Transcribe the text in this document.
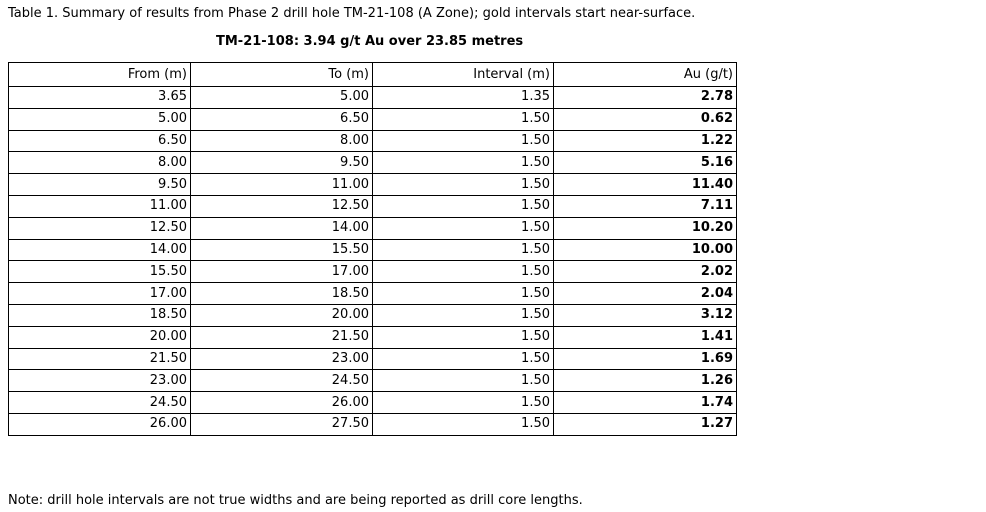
Table 1. Summary of results from Phase 2 drill hole TM-21-108 (A Zone); gold intervals start near-surface.
TM-21-108: 3.94 g/t Au over 23.85 metres
From (m)	To (m)	Interval (m)	Au (g/t)
3.65	5.00	1.35	2.78
5.00	6.50	1.50	0.62
6.50	8.00	1.50	1.22
8.00	9.50	1.50	5.16
9.50	11.00	1.50	11.40
11.00	12.50	1.50	7.11
12.50	14.00	1.50	10.20
14.00	15.50	1.50	10.00
15.50	17.00	1.50	2.02
17.00	18.50	1.50	2.04
18.50	20.00	1.50	3.12
20.00	21.50	1.50	1.41
21.50	23.00	1.50	1.69
23.00	24.50	1.50	1.26
24.50	26.00	1.50	1.74
26.00	27.50	1.50	1.27
Note: drill hole intervals are not true widths and are being reported as drill core lengths.
